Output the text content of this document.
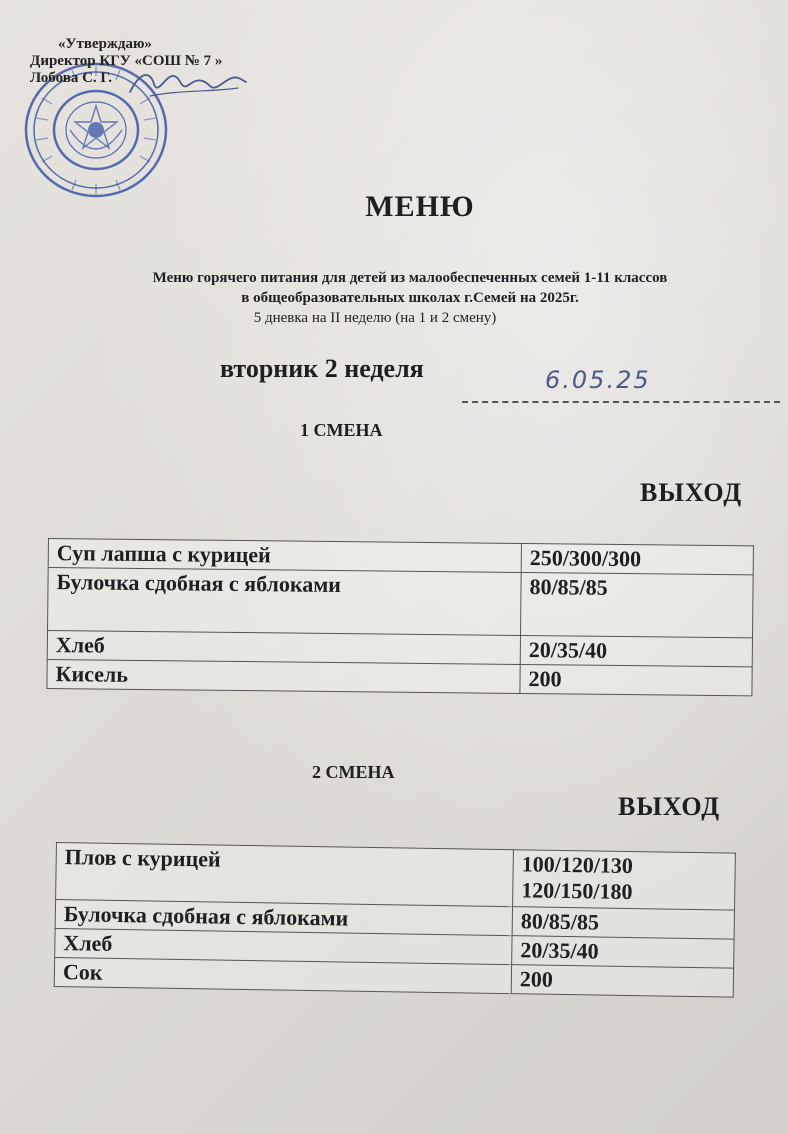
«Утверждаю»
Директор КГУ «СОШ № 7 »
Лобова С. Г.
МЕНЮ
Меню горячего питания для детей из малообеспеченных семей 1-11 классов
в общеобразовательных школах г.Семей на 2025г.
5 дневка на II неделю (на 1 и 2 смену)
вторник 2 неделя	6.05.25
1 СМЕНА
ВЫХОД
Суп лапша с курицей	250/300/300
Булочка сдобная с яблоками	80/85/85
Хлеб	20/35/40
Кисель	200
2 СМЕНА
ВЫХОД
Плов с курицей	100/120/130
120/150/180

Булочка сдобная с яблоками	80/85/85
Хлеб	20/35/40
Сок	200
